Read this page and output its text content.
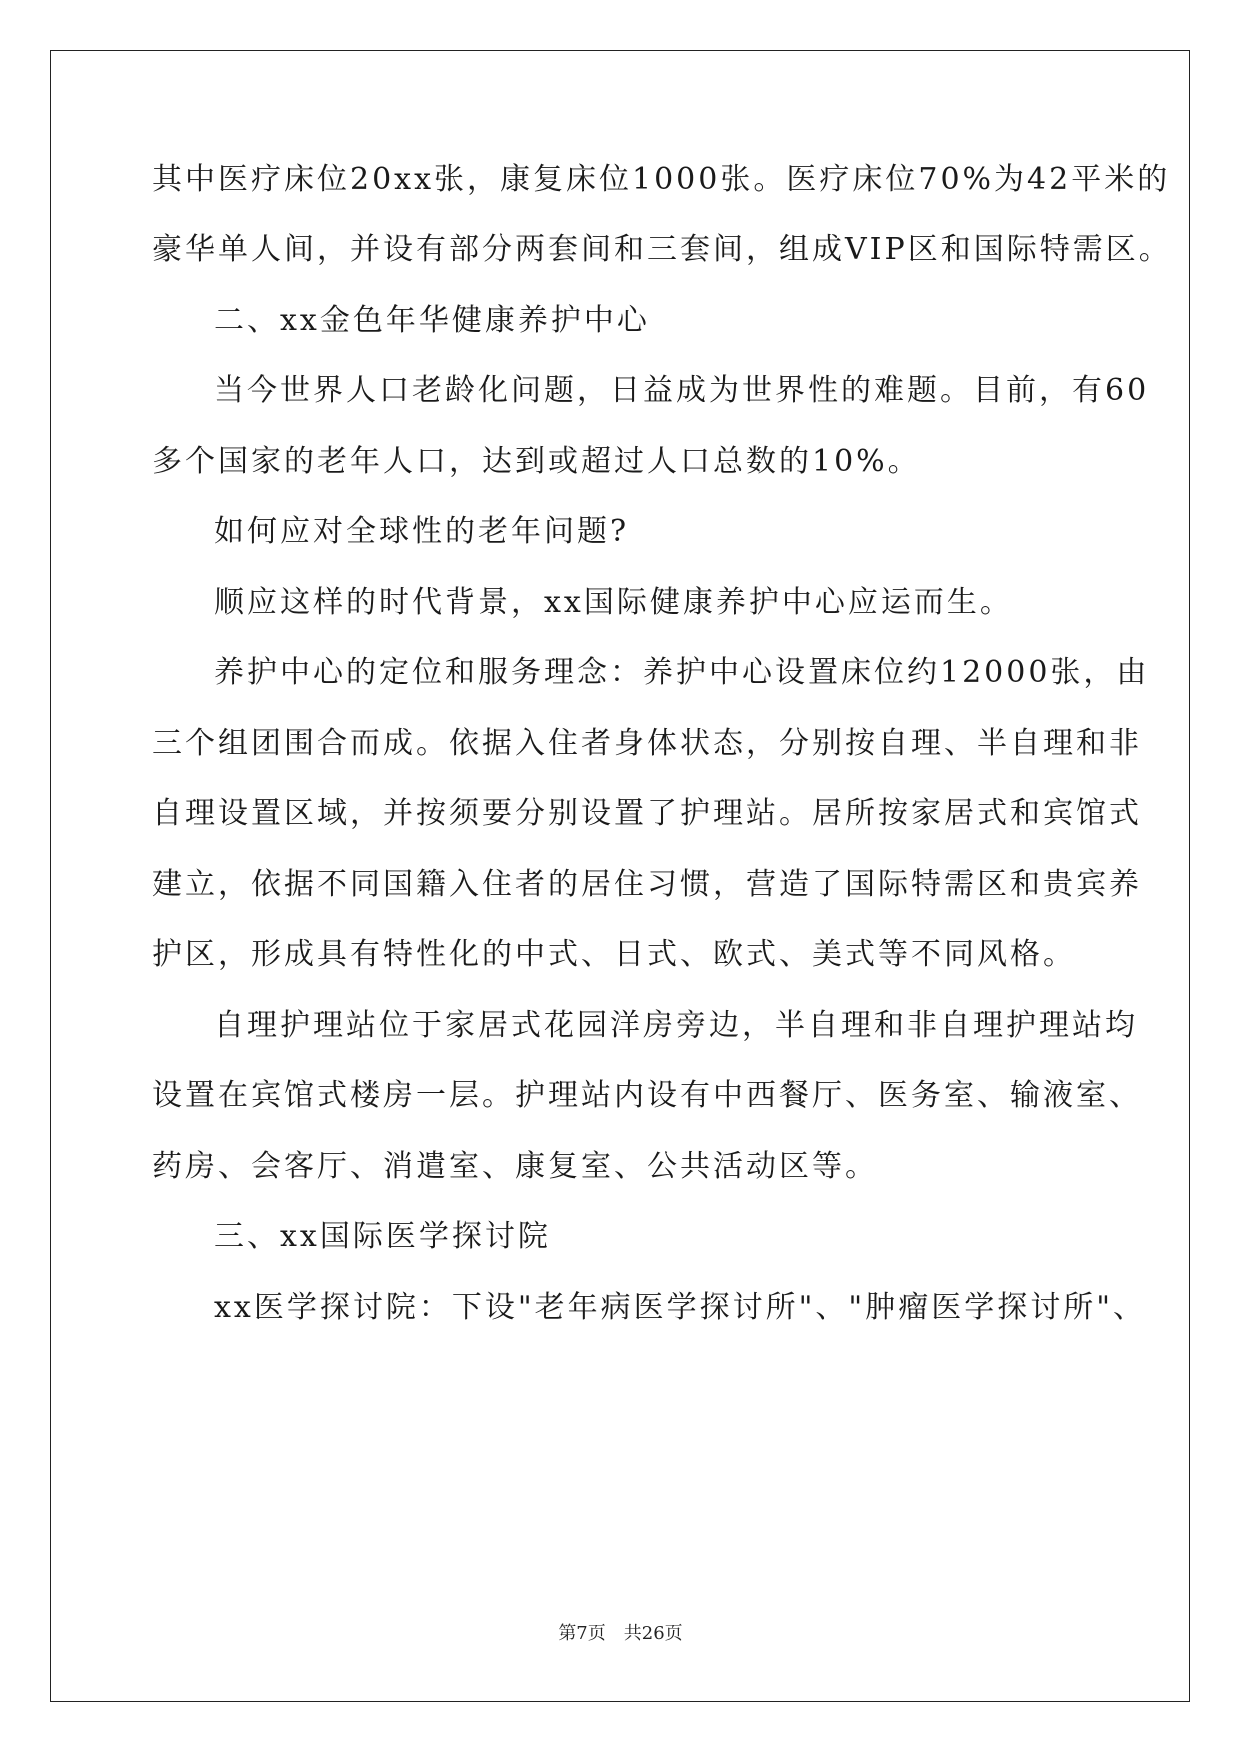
其中医疗床位20xx张，康复床位1000张。医疗床位70%为42平米的
豪华单人间，并设有部分两套间和三套间，组成VIP区和国际特需区。
二、xx金色年华健康养护中心
当今世界人口老龄化问题，日益成为世界性的难题。目前，有60
多个国家的老年人口，达到或超过人口总数的10%。
如何应对全球性的老年问题?
顺应这样的时代背景，xx国际健康养护中心应运而生。
养护中心的定位和服务理念：养护中心设置床位约12000张，由
三个组团围合而成。依据入住者身体状态，分别按自理、半自理和非
自理设置区域，并按须要分别设置了护理站。居所按家居式和宾馆式
建立，依据不同国籍入住者的居住习惯，营造了国际特需区和贵宾养
护区，形成具有特性化的中式、日式、欧式、美式等不同风格。
自理护理站位于家居式花园洋房旁边，半自理和非自理护理站均
设置在宾馆式楼房一层。护理站内设有中西餐厅、医务室、输液室、
药房、会客厅、消遣室、康复室、公共活动区等。
三、xx国际医学探讨院
xx医学探讨院：下设"老年病医学探讨所"、"肿瘤医学探讨所"、
第7页　共26页
